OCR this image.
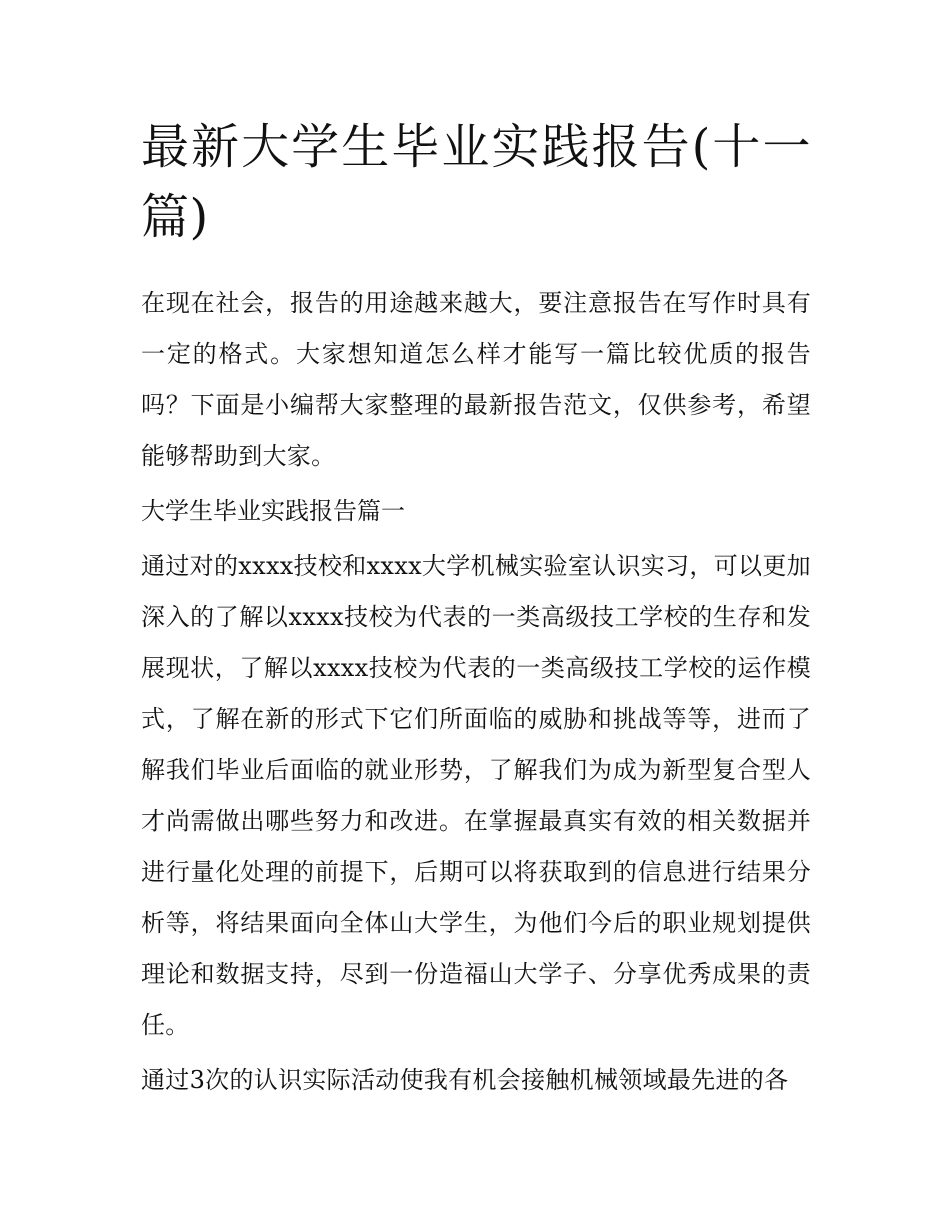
最新大学生毕业实践报告(十一篇)

在现在社会，报告的用途越来越大，要注意报告在写作时具有一定的格式。大家想知道怎么样才能写一篇比较优质的报告吗？下面是小编帮大家整理的最新报告范文，仅供参考，希望能够帮助到大家。

大学生毕业实践报告篇一

通过对的xxxx技校和xxxx大学机械实验室认识实习，可以更加深入的了解以xxxx技校为代表的一类高级技工学校的生存和发展现状，了解以xxxx技校为代表的一类高级技工学校的运作模式，了解在新的形式下它们所面临的威胁和挑战等等，进而了解我们毕业后面临的就业形势，了解我们为成为新型复合型人才尚需做出哪些努力和改进。在掌握最真实有效的相关数据并进行量化处理的前提下，后期可以将获取到的信息进行结果分析等，将结果面向全体山大学生，为他们今后的职业规划提供理论和数据支持，尽到一份造福山大学子、分享优秀成果的责任。

通过3次的认识实际活动使我有机会接触机械领域最先进的各
